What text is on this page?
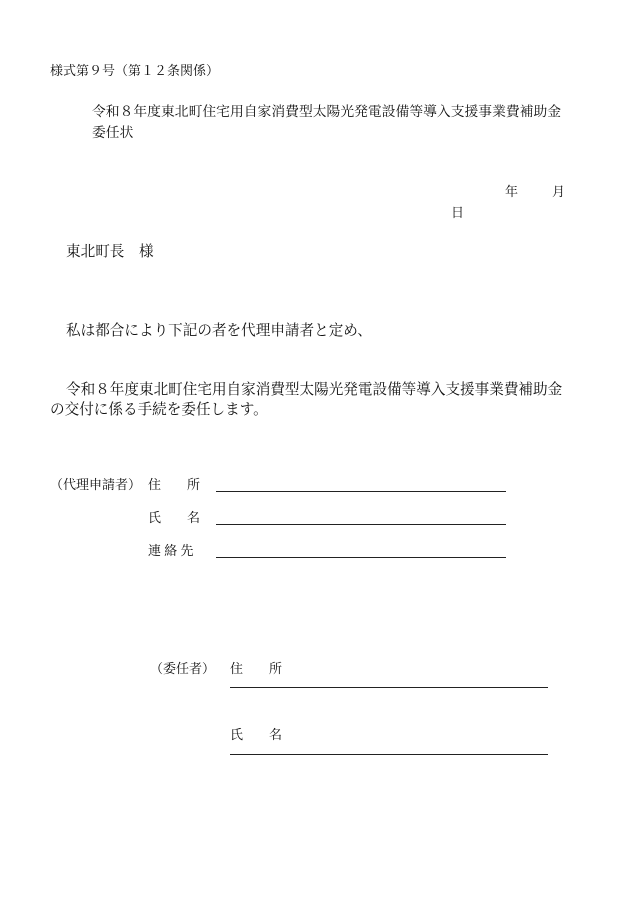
様式第９号（第１２条関係）
令和８年度東北町住宅用自家消費型太陽光発電設備等導入支援事業費補助金
委任状
年	月
日
東北町長　様
私は都合により下記の者を代理申請者と定め、
令和８年度東北町住宅用自家消費型太陽光発電設備等導入支援事業費補助金
の交付に係る手続を委任します。
（代理申請者） 住　　所
氏　　名
連 絡 先
（委任者） 住　　所
氏　　名
